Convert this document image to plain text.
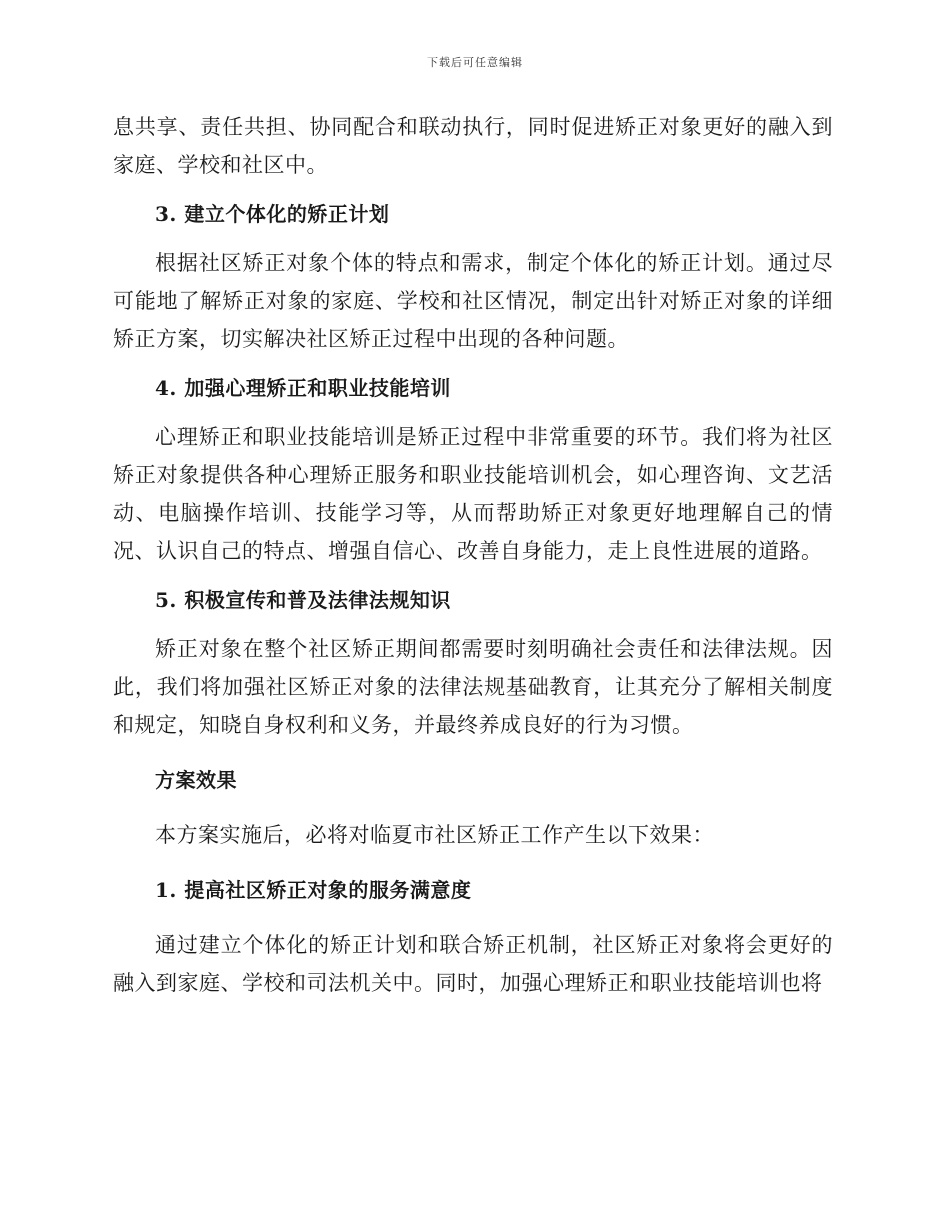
下载后可任意编辑

息共享、责任共担、协同配合和联动执行，同时促进矫正对象更好的融入到家庭、学校和社区中。

3. 建立个体化的矫正计划

根据社区矫正对象个体的特点和需求，制定个体化的矫正计划。通过尽可能地了解矫正对象的家庭、学校和社区情况，制定出针对矫正对象的详细矫正方案，切实解决社区矫正过程中出现的各种问题。

4. 加强心理矫正和职业技能培训

心理矫正和职业技能培训是矫正过程中非常重要的环节。我们将为社区矫正对象提供各种心理矫正服务和职业技能培训机会，如心理咨询、文艺活动、电脑操作培训、技能学习等，从而帮助矫正对象更好地理解自己的情况、认识自己的特点、增强自信心、改善自身能力，走上良性进展的道路。

5. 积极宣传和普及法律法规知识

矫正对象在整个社区矫正期间都需要时刻明确社会责任和法律法规。因此，我们将加强社区矫正对象的法律法规基础教育，让其充分了解相关制度和规定，知晓自身权利和义务，并最终养成良好的行为习惯。

方案效果

本方案实施后，必将对临夏市社区矫正工作产生以下效果：

1. 提高社区矫正对象的服务满意度

通过建立个体化的矫正计划和联合矫正机制，社区矫正对象将会更好的融入到家庭、学校和司法机关中。同时，加强心理矫正和职业技能培训也将
